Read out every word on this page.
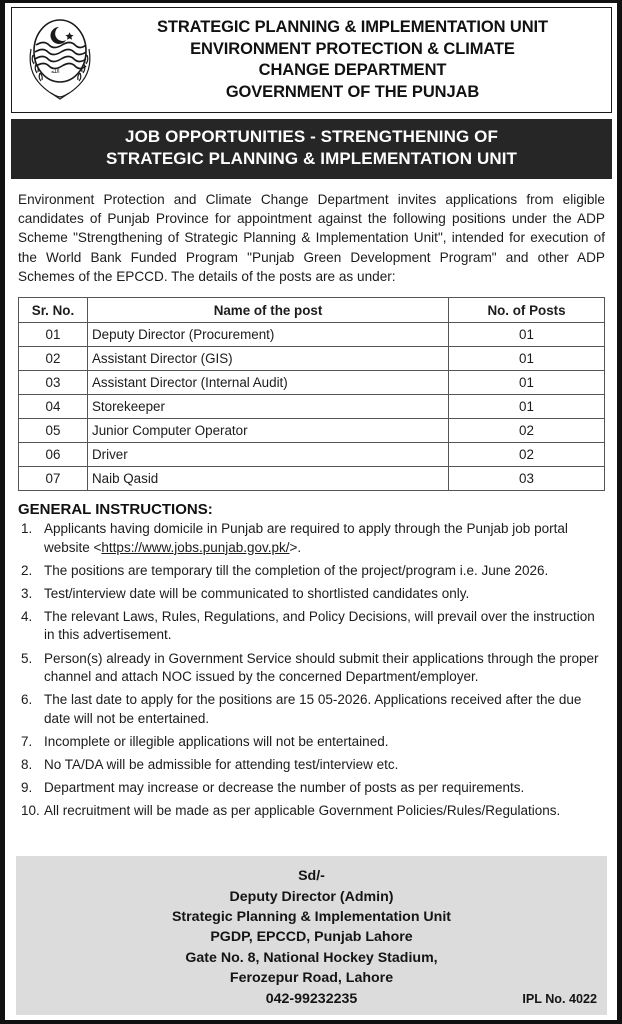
الله
STRATEGIC PLANNING & IMPLEMENTATION UNIT
ENVIRONMENT PROTECTION & CLIMATE
CHANGE DEPARTMENT
GOVERNMENT OF THE PUNJAB
JOB OPPORTUNITIES - STRENGTHENING OF
STRATEGIC PLANNING & IMPLEMENTATION UNIT
Environment Protection and Climate Change Department invites applications from eligible candidates of Punjab Province for appointment against the following positions under the ADP Scheme "Strengthening of Strategic Planning & Implementation Unit", intended for execution of the World Bank Funded Program "Punjab Green Development Program" and other ADP Schemes of the EPCCD. The details of the posts are as under:
Sr. No.	Name of the post	No. of Posts
01	Deputy Director (Procurement)	01
02	Assistant Director (GIS)	01
03	Assistant Director (Internal Audit)	01
04	Storekeeper	01
05	Junior Computer Operator	02
06	Driver	02
07	Naib Qasid	03
GENERAL INSTRUCTIONS:
1. Applicants having domicile in Punjab are required to apply through the Punjab job portal website <https://www.jobs.punjab.gov.pk/>.
2. The positions are temporary till the completion of the project/program i.e. June 2026.
3. Test/interview date will be communicated to shortlisted candidates only.
4. The relevant Laws, Rules, Regulations, and Policy Decisions, will prevail over the instruction in this advertisement.
5. Person(s) already in Government Service should submit their applications through the proper channel and attach NOC issued by the concerned Department/employer.
6. The last date to apply for the positions are 15 05-2026. Applications received after the due date will not be entertained.
7. Incomplete or illegible applications will not be entertained.
8. No TA/DA will be admissible for attending test/interview etc.
9. Department may increase or decrease the number of posts as per requirements.
10. All recruitment will be made as per applicable Government Policies/Rules/Regulations.
Sd/-
Deputy Director (Admin)
Strategic Planning & Implementation Unit
PGDP, EPCCD, Punjab Lahore
Gate No. 8, National Hockey Stadium,
Ferozepur Road, Lahore
042-99232235	IPL No. 4022
